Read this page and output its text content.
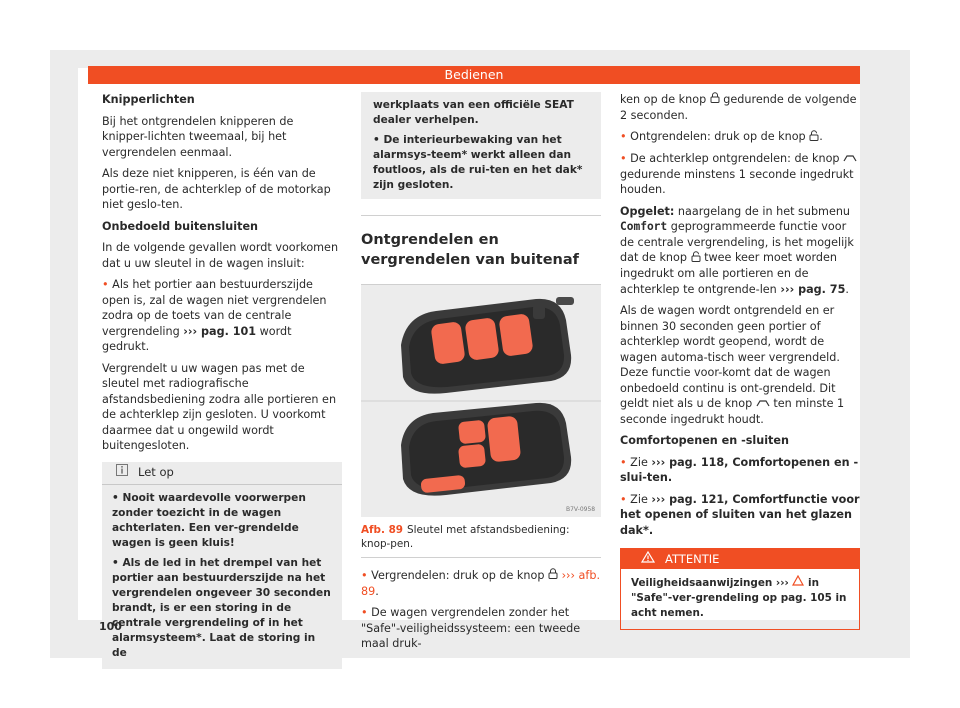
Bedienen

Knipperlichten

Bij het ontgrendelen knipperen de knipper-lichten tweemaal, bij het vergrendelen eenmaal.

Als deze niet knipperen, is één van de portie-ren, de achterklep of de motorkap niet geslo-ten.

Onbedoeld buitensluiten

In de volgende gevallen wordt voorkomen dat u uw sleutel in de wagen insluit:

• Als het portier aan bestuurderszijde open is, zal de wagen niet vergrendelen zodra op de toets van de centrale vergrendeling ››› pag. 101 wordt gedrukt.

Vergrendelt u uw wagen pas met de sleutel met radiografische afstandsbediening zodra alle portieren en de achterklep zijn gesloten. U voorkomt daarmee dat u ongewild wordt buitengesloten.

Let op

• Nooit waardevolle voorwerpen zonder toezicht in de wagen achterlaten. Een ver-grendelde wagen is geen kluis!

• Als de led in het drempel van het portier aan bestuurderszijde na het vergrendelen ongeveer 30 seconden brandt, is er een storing in de centrale vergrendeling of in het alarmsysteem*. Laat de storing in de

werkplaats van een officiële SEAT dealer verhelpen.

• De interieurbewaking van het alarmsys-teem* werkt alleen dan foutloos, als de rui-ten en het dak* zijn gesloten.

Ontgrendelen en vergrendelen van buitenaf
B7V-0958
Afb. 89 Sleutel met afstandsbediening: knop-pen.

• Vergrendelen: druk op de knop ››› afb. 89.

• De wagen vergrendelen zonder het "Safe"-veiligheidssysteem: een tweede maal druk-

ken op de knop gedurende de volgende 2 seconden.

• Ontgrendelen: druk op de knop .

• De achterklep ontgrendelen: de knop  gedurende minstens 1 seconde ingedrukt houden.

Opgelet: naargelang de in het submenu Comfort geprogrammeerde functie voor de centrale vergrendeling, is het mogelijk dat de knop twee keer moet worden ingedrukt om alle portieren en de achterklep te ontgrende-len ››› pag. 75.

Als de wagen wordt ontgrendeld en er binnen 30 seconden geen portier of achterklep wordt geopend, wordt de wagen automa-tisch weer vergrendeld. Deze functie voor-komt dat de wagen onbedoeld continu is ont-grendeld. Dit geldt niet als u de knop ten minste 1 seconde ingedrukt houdt.

Comfortopenen en -sluiten

• Zie ››› pag. 118, Comfortopenen en -slui-ten.

• Zie ››› pag. 121, Comfortfunctie voor het openen of sluiten van het glazen dak*.

ATTENTIE
Veiligheidsaanwijzingen ›››  in "Safe"-ver-grendeling op pag. 105 in acht nemen.
100
